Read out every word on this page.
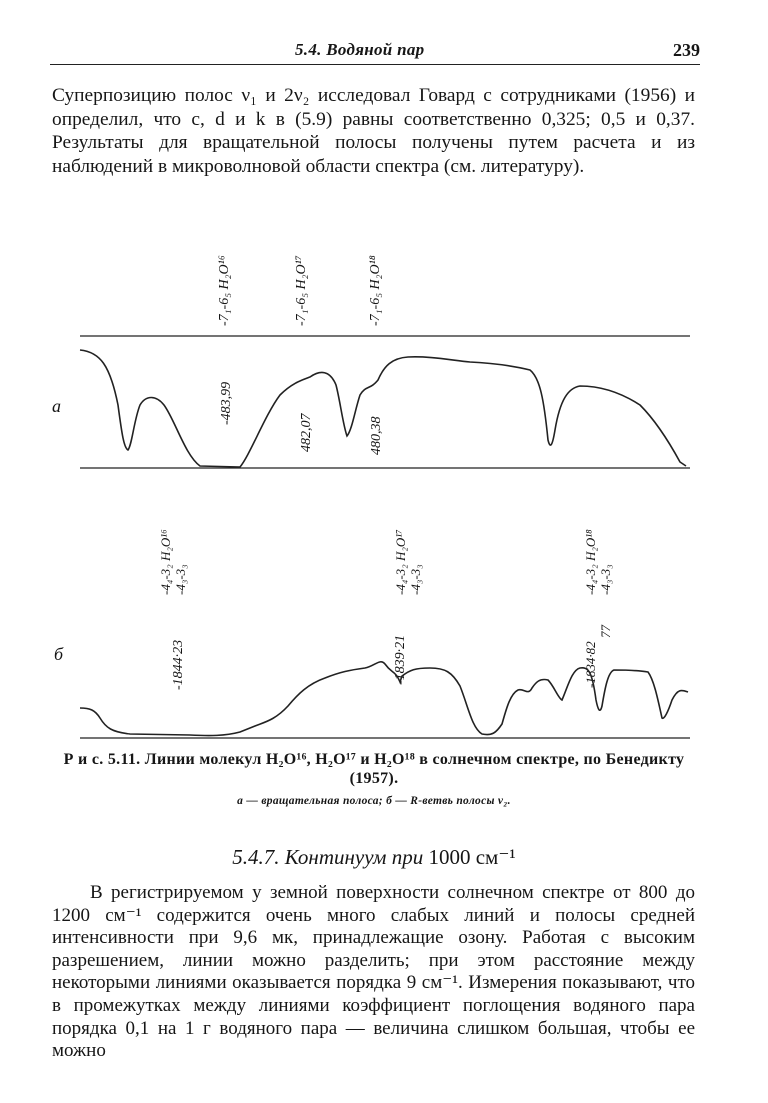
5.4. Водяной пар	239

Суперпозицию полос ν₁ и 2ν₂ исследовал Говард с сотрудниками (1956) и определил, что c, d и k в (5.9) равны соответственно 0,325; 0,5 и 0,37. Результаты для вращательной полосы получены путем расчета и из наблюдений в микроволновой области спектра (см. литературу).

а
-7₁-6₅ H₂O¹⁶	-7₁-6₅ H₂O¹⁷	-7₁-6₅ H₂O¹⁸
-483,99
482,07	480,38
-4₄-3₂ H₂O¹⁶ -4₃-3₃	-4₄-3₂ H₂O¹⁷ -4₃-3₃	-4₄-3₂ H₂O¹⁸ -4₃-3₃
-1844·23	-1839·21	-1834·82
77
б
Р и с. 5.11. Линии молекул H₂O¹⁶, H₂O¹⁷ и H₂O¹⁸ в солнечном спектре, по Бенедикту (1957).
а — вращательная полоса; б — R-ветвь полосы ν₂.
5.4.7. Континуум при 1000 см⁻¹

В регистрируемом у земной поверхности солнечном спектре от 800 до 1200 см⁻¹ содержится очень много слабых линий и полосы средней интенсивности при 9,6 мк, принадлежащие озону. Работая с высоким разрешением, линии можно разделить; при этом расстояние между некоторыми линиями оказывается порядка 9 см⁻¹. Измерения показывают, что в промежутках между линиями коэффициент поглощения водяного пара порядка 0,1 на 1 г водяного пара — величина слишком большая, чтобы ее можно
